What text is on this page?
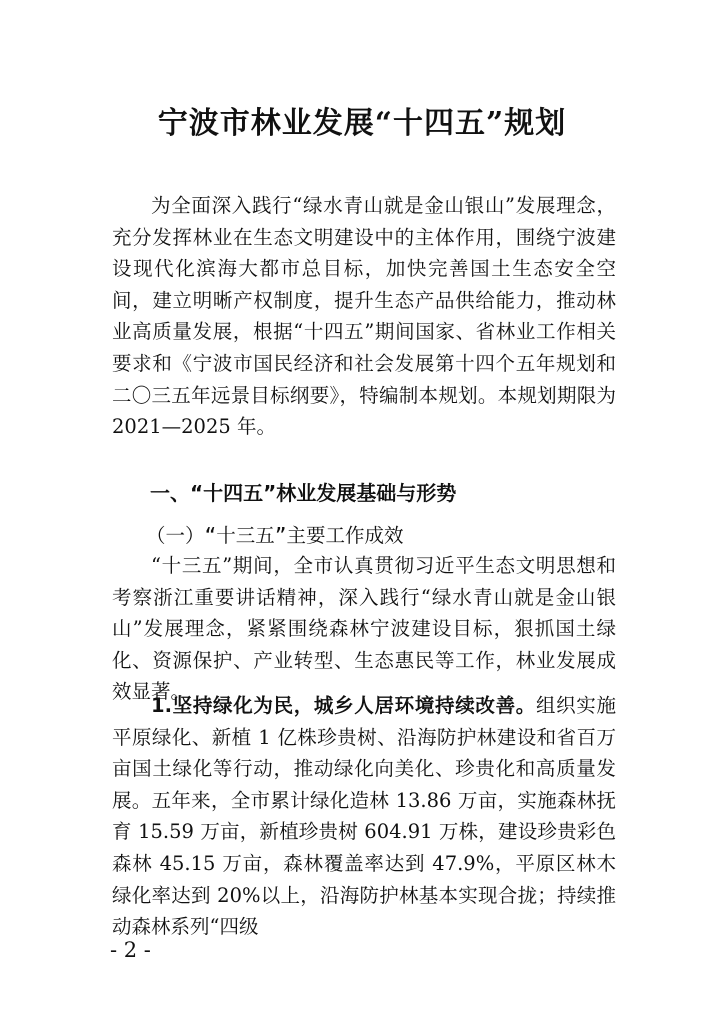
宁波市林业发展“十四五”规划

为全面深入践行“绿水青山就是金山银山”发展理念，充分发挥林业在生态文明建设中的主体作用，围绕宁波建设现代化滨海大都市总目标，加快完善国土生态安全空间，建立明晰产权制度，提升生态产品供给能力，推动林业高质量发展，根据“十四五”期间国家、省林业工作相关要求和《宁波市国民经济和社会发展第十四个五年规划和二〇三五年远景目标纲要》，特编制本规划。本规划期限为 2021—2025 年。

一、“十四五”林业发展基础与形势
（一）“十三五”主要工作成效

“十三五”期间，全市认真贯彻习近平生态文明思想和考察浙江重要讲话精神，深入践行“绿水青山就是金山银山”发展理念，紧紧围绕森林宁波建设目标，狠抓国土绿化、资源保护、产业转型、生态惠民等工作，林业发展成效显著。

1.坚持绿化为民，城乡人居环境持续改善。组织实施平原绿化、新植 1 亿株珍贵树、沿海防护林建设和省百万亩国土绿化等行动，推动绿化向美化、珍贵化和高质量发展。五年来，全市累计绿化造林 13.86 万亩，实施森林抚育 15.59 万亩，新植珍贵树 604.91 万株，建设珍贵彩色森林 45.15 万亩，森林覆盖率达到 47.9%，平原区林木绿化率达到 20%以上，沿海防护林基本实现合拢；持续推动森林系列“四级

- 2 -
